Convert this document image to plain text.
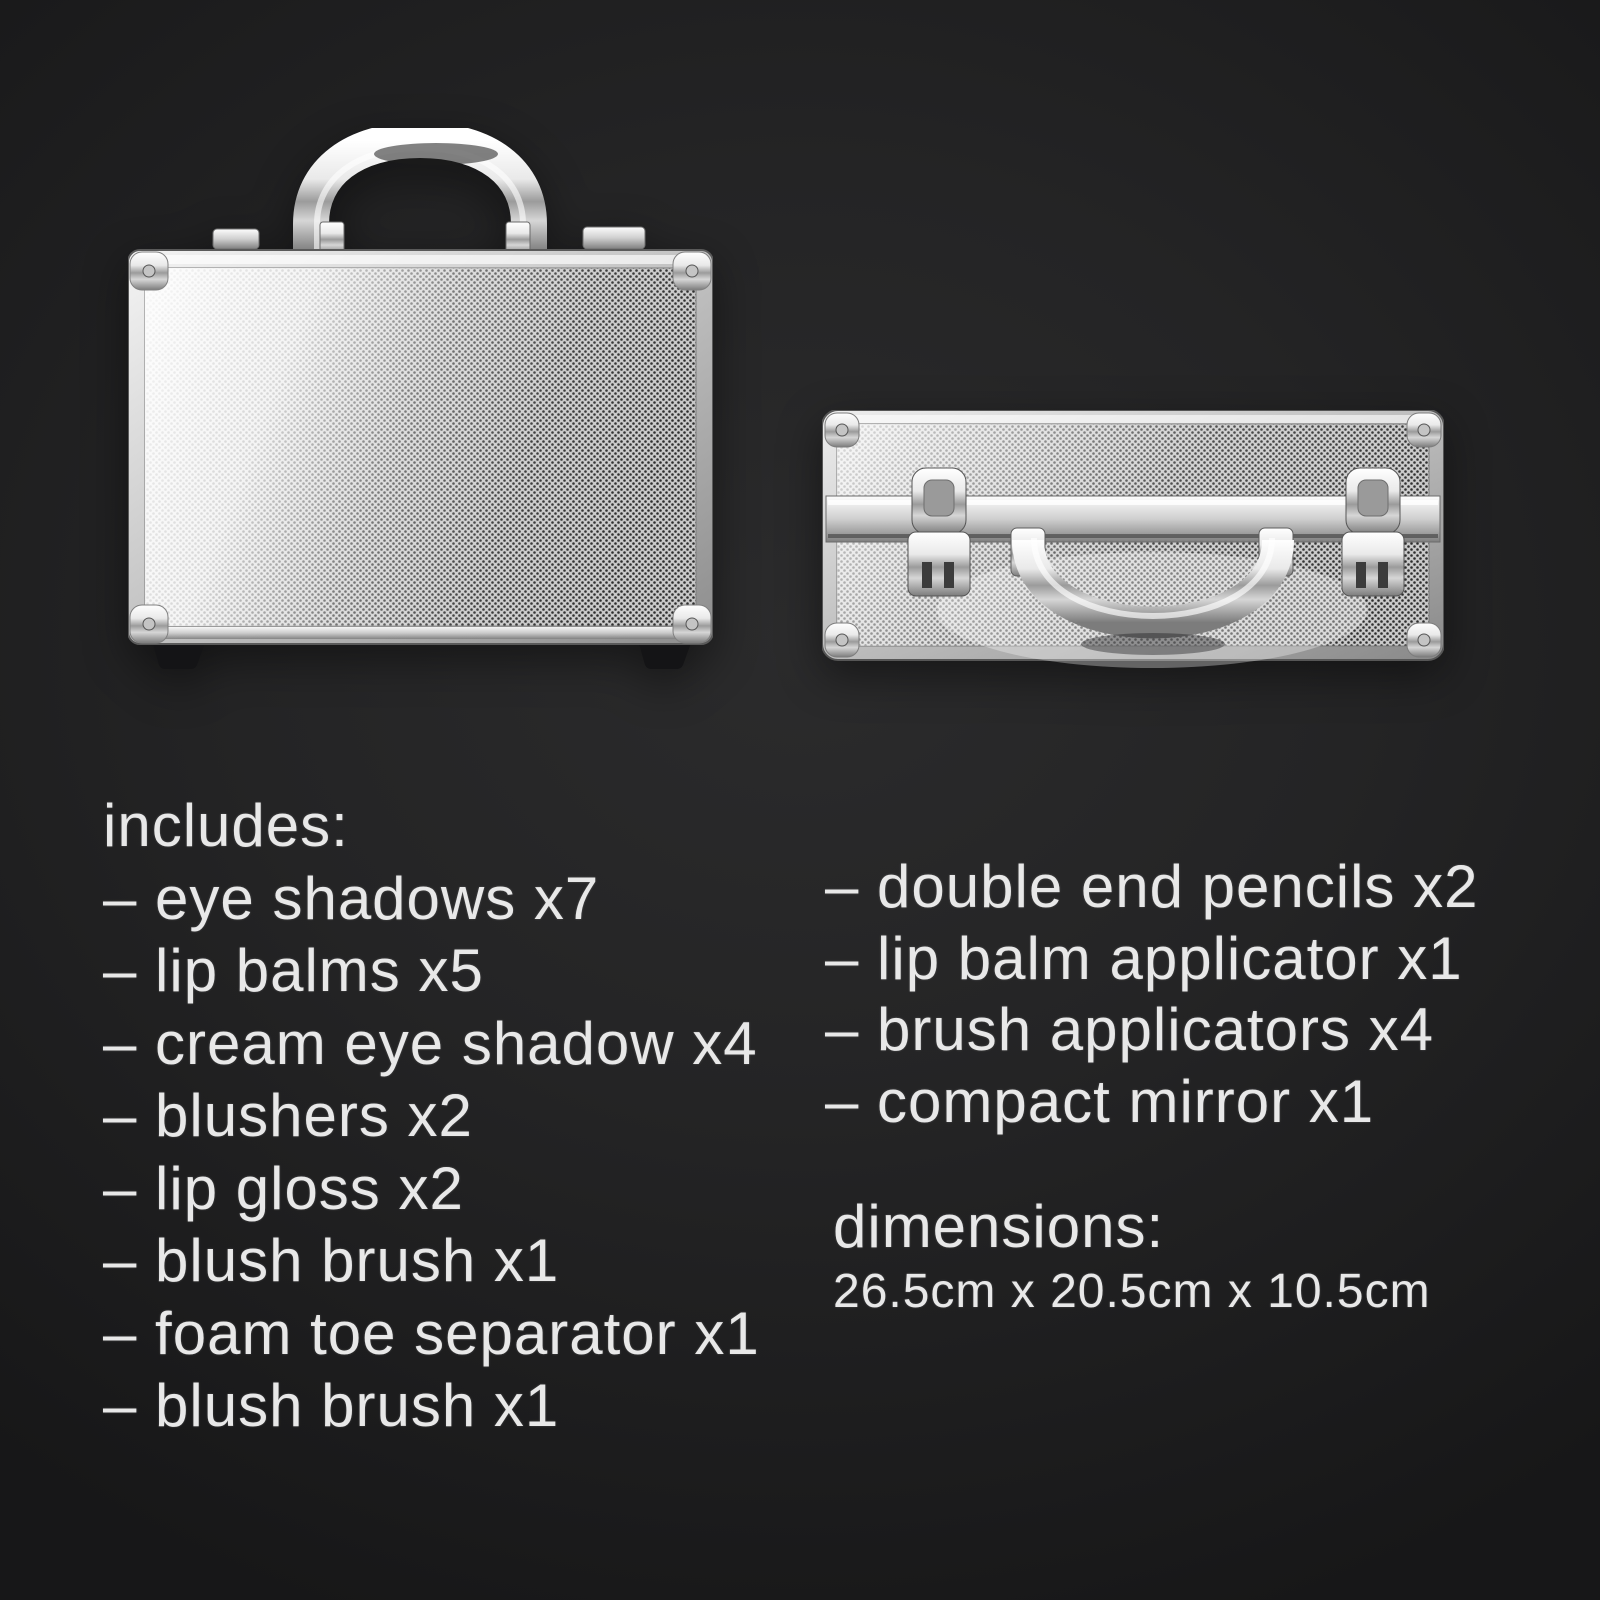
includes:
– eye shadows x7
– lip balms x5
– cream eye shadow x4
– blushers x2
– lip gloss x2
– blush brush x1
– foam toe separator x1
– blush brush x1
– double end pencils x2
– lip balm applicator x1
– brush applicators x4
– compact mirror x1
dimensions:
26.5cm x 20.5cm x 10.5cm
